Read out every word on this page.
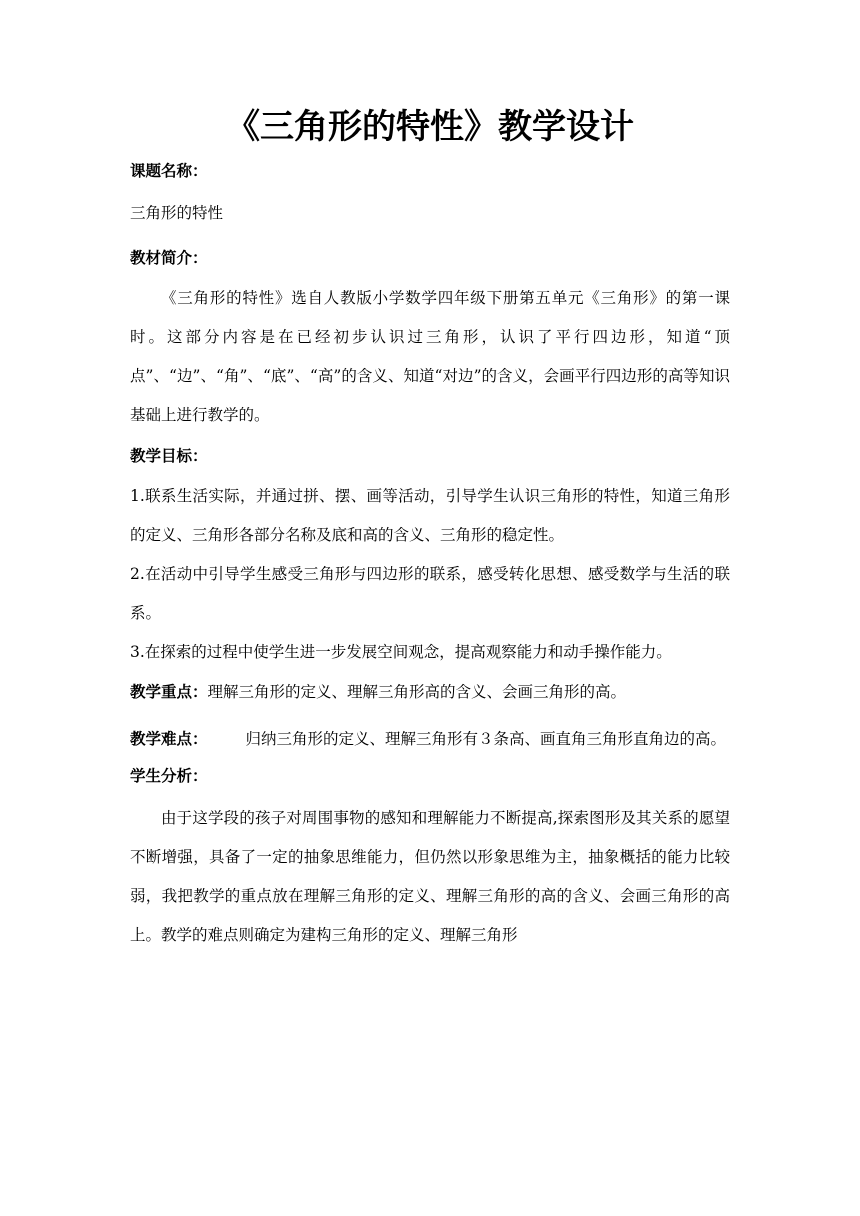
《三角形的特性》教学设计

课题名称：

三角形的特性

教材简介：

《三角形的特性》选自人教版小学数学四年级下册第五单元《三角形》的第一课时。这部分内容是在已经初步认识过三角形，认识了平行四边形，知道“顶点”、“边”、“角”、“底”、“高”的含义、知道“对边”的含义，会画平行四边形的高等知识基础上进行教学的。

教学目标：

1.联系生活实际，并通过拼、摆、画等活动，引导学生认识三角形的特性，知道三角形的定义、三角形各部分名称及底和高的含义、三角形的稳定性。

2.在活动中引导学生感受三角形与四边形的联系，感受转化思想、感受数学与生活的联系。

3.在探索的过程中使学生进一步发展空间观念，提高观察能力和动手操作能力。

教学重点：理解三角形的定义、理解三角形高的含义、会画三角形的高。

教学难点： 归纳三角形的定义、理解三角形有３条高、画直角三角形直角边的高。

学生分析：

由于这学段的孩子对周围事物的感知和理解能力不断提高,探索图形及其关系的愿望不断增强，具备了一定的抽象思维能力，但仍然以形象思维为主，抽象概括的能力比较弱，我把教学的重点放在理解三角形的定义、理解三角形的高的含义、会画三角形的高上。教学的难点则确定为建构三角形的定义、理解三角形
